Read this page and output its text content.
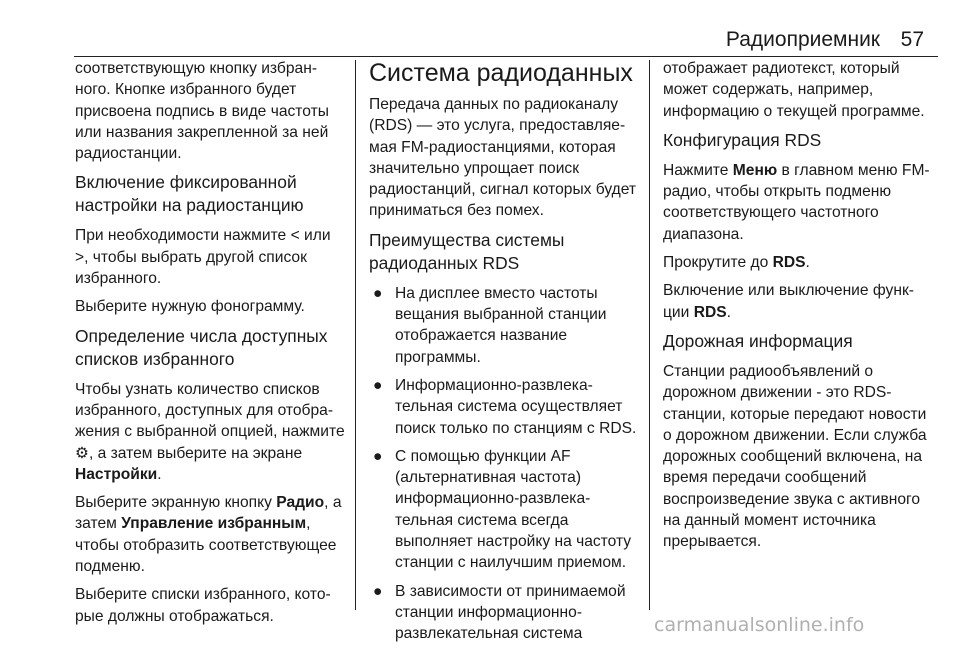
Радиоприемник 57

соответствующую кнопку избранного. Кнопке избранного будет присвоена подпись в виде частоты или названия закрепленной за ней радиостанции.

Включение фиксированной настройки на радиостанцию

При необходимости нажмите < или >, чтобы выбрать другой список избранного.

Выберите нужную фонограмму.

Определение числа доступных списков избранного

Чтобы узнать количество списков избранного, доступных для отображения с выбранной опцией, нажмите ⚙, а затем выберите на экране Настройки.

Выберите экранную кнопку Радио, а затем Управление избранным, чтобы отобразить соответствующее подменю.

Выберите списки избранного, которые должны отображаться.

Система радиоданных

Передача данных по радиоканалу (RDS) — это услуга, предоставляемая FM-радиостанциями, которая значительно упрощает поиск радиостанций, сигнал которых будет приниматься без помех.

Преимущества системы радиоданных RDS
● На дисплее вместо частоты вещания выбранной станции отображается название программы.
● Информационно-развлекательная система осуществляет поиск только по станциям с RDS.
● С помощью функции AF (альтернативная частота) информационно-развлекательная система всегда выполняет настройку на частоту станции с наилучшим приемом.
● В зависимости от принимаемой станции информационно-развлекательная система

отображает радиотекст, который может содержать, например, информацию о текущей программе.

Конфигурация RDS

Нажмите Меню в главном меню FM-радио, чтобы открыть подменю соответствующего частотного диапазона.

Прокрутите до RDS.

Включение или выключение функции RDS.

Дорожная информация

Станции радиообъявлений о дорожном движении - это RDS-станции, которые передают новости о дорожном движении. Если служба дорожных сообщений включена, на время передачи сообщений воспроизведение звука с активного на данный момент источника прерывается.

carmanualsonline.info
